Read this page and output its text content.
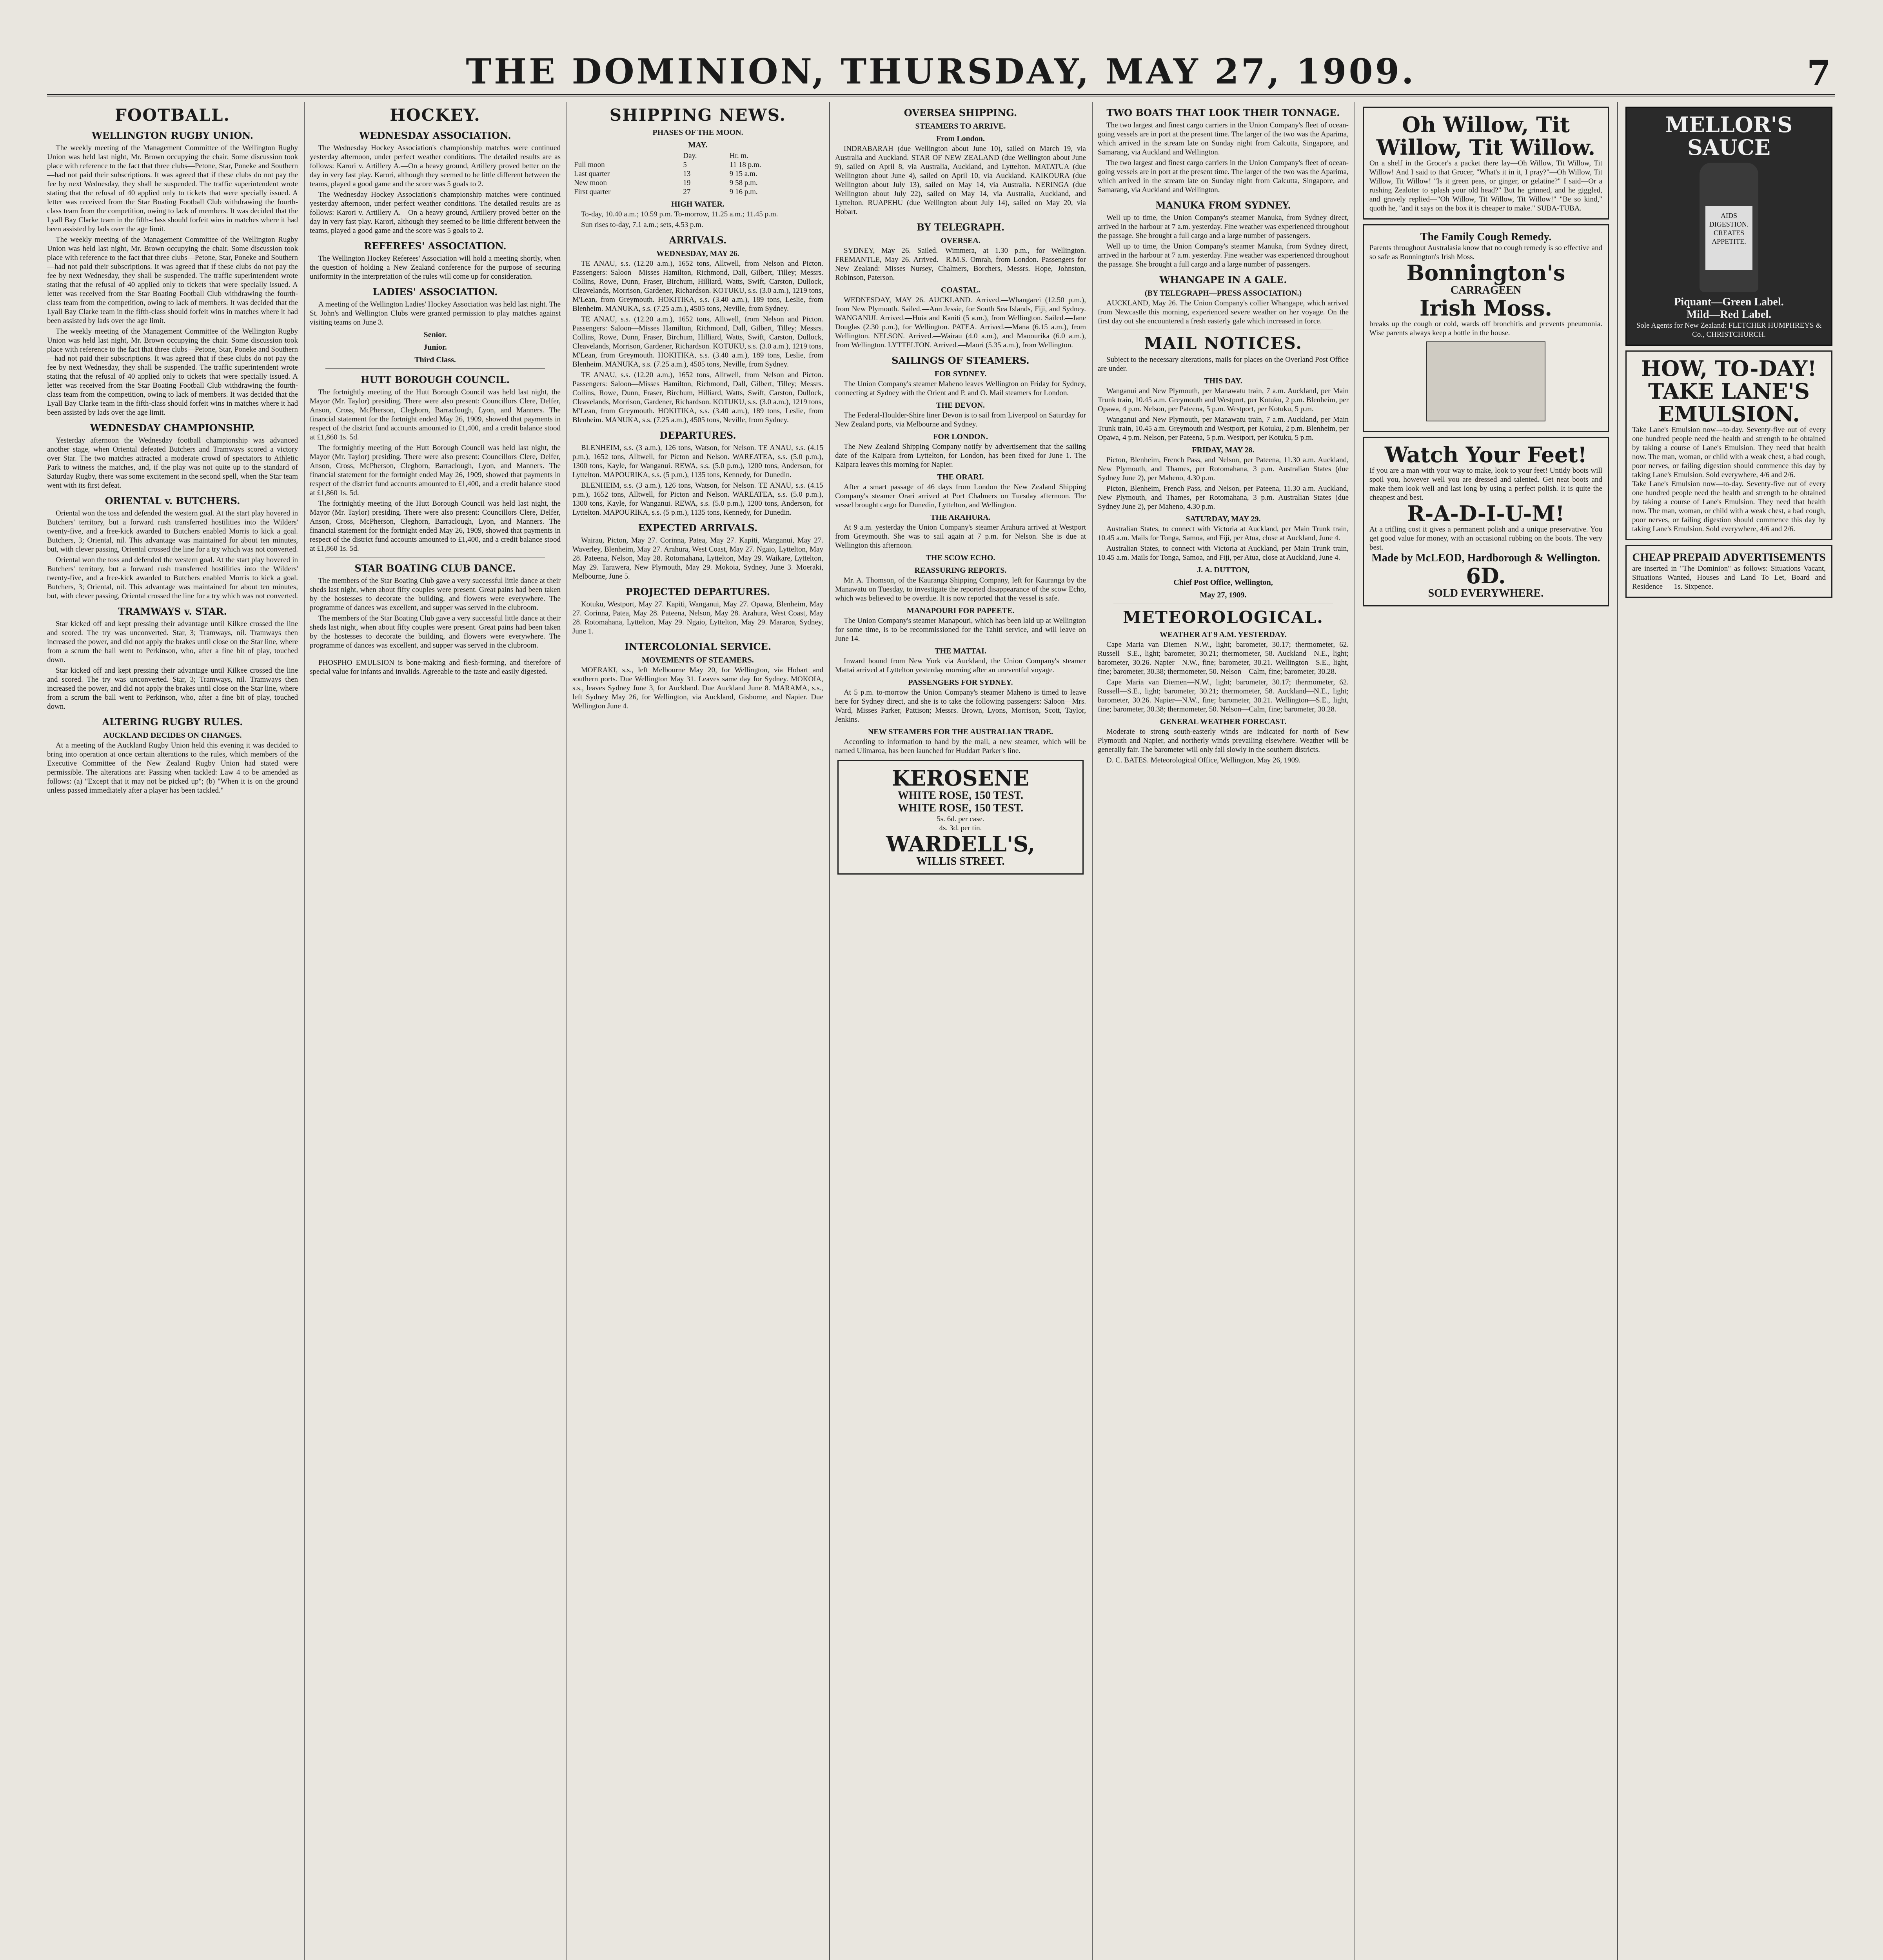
THE DOMINION, THURSDAY, MAY 27, 1909.	7
FOOTBALL.
WELLINGTON RUGBY UNION.

The weekly meeting of the Management Committee of the Wellington Rugby Union was held last night, Mr. Brown occupying the chair. Some discussion took place with reference to the fact that three clubs—Petone, Star, Poneke and Southern—had not paid their subscriptions. It was agreed that if these clubs do not pay the fee by next Wednesday, they shall be suspended. The traffic superintendent wrote stating that the refusal of 40 applied only to tickets that were specially issued. A letter was received from the Star Boating Football Club withdrawing the fourth-class team from the competition, owing to lack of members. It was decided that the Lyall Bay Clarke team in the fifth-class should forfeit wins in matches where it had been assisted by lads over the age limit.

The weekly meeting of the Management Committee of the Wellington Rugby Union was held last night, Mr. Brown occupying the chair. Some discussion took place with reference to the fact that three clubs—Petone, Star, Poneke and Southern—had not paid their subscriptions. It was agreed that if these clubs do not pay the fee by next Wednesday, they shall be suspended. The traffic superintendent wrote stating that the refusal of 40 applied only to tickets that were specially issued. A letter was received from the Star Boating Football Club withdrawing the fourth-class team from the competition, owing to lack of members. It was decided that the Lyall Bay Clarke team in the fifth-class should forfeit wins in matches where it had been assisted by lads over the age limit.

The weekly meeting of the Management Committee of the Wellington Rugby Union was held last night, Mr. Brown occupying the chair. Some discussion took place with reference to the fact that three clubs—Petone, Star, Poneke and Southern—had not paid their subscriptions. It was agreed that if these clubs do not pay the fee by next Wednesday, they shall be suspended. The traffic superintendent wrote stating that the refusal of 40 applied only to tickets that were specially issued. A letter was received from the Star Boating Football Club withdrawing the fourth-class team from the competition, owing to lack of members. It was decided that the Lyall Bay Clarke team in the fifth-class should forfeit wins in matches where it had been assisted by lads over the age limit.

WEDNESDAY CHAMPIONSHIP.

Yesterday afternoon the Wednesday football championship was advanced another stage, when Oriental defeated Butchers and Tramways scored a victory over Star. The two matches attracted a moderate crowd of spectators to Athletic Park to witness the matches, and, if the play was not quite up to the standard of Saturday Rugby, there was some excitement in the second spell, when the Star team went with its first defeat.

ORIENTAL v. BUTCHERS.

Oriental won the toss and defended the western goal. At the start play hovered in Butchers' territory, but a forward rush transferred hostilities into the Wilders' twenty-five, and a free-kick awarded to Butchers enabled Morris to kick a goal. Butchers, 3; Oriental, nil. This advantage was maintained for about ten minutes, but, with clever passing, Oriental crossed the line for a try which was not converted.

Oriental won the toss and defended the western goal. At the start play hovered in Butchers' territory, but a forward rush transferred hostilities into the Wilders' twenty-five, and a free-kick awarded to Butchers enabled Morris to kick a goal. Butchers, 3; Oriental, nil. This advantage was maintained for about ten minutes, but, with clever passing, Oriental crossed the line for a try which was not converted.

TRAMWAYS v. STAR.

Star kicked off and kept pressing their advantage until Kilkee crossed the line and scored. The try was unconverted. Star, 3; Tramways, nil. Tramways then increased the power, and did not apply the brakes until close on the Star line, where from a scrum the ball went to Perkinson, who, after a fine bit of play, touched down.

Star kicked off and kept pressing their advantage until Kilkee crossed the line and scored. The try was unconverted. Star, 3; Tramways, nil. Tramways then increased the power, and did not apply the brakes until close on the Star line, where from a scrum the ball went to Perkinson, who, after a fine bit of play, touched down.

ALTERING RUGBY RULES.
AUCKLAND DECIDES ON CHANGES.

At a meeting of the Auckland Rugby Union held this evening it was decided to bring into operation at once certain alterations to the rules, which members of the Executive Committee of the New Zealand Rugby Union had stated were permissible. The alterations are: Passing when tackled: Law 4 to be amended as follows: (a) "Except that it may not be picked up"; (b) "When it is on the ground unless passed immediately after a player has been tackled."

HOCKEY.
WEDNESDAY ASSOCIATION.

The Wednesday Hockey Association's championship matches were continued yesterday afternoon, under perfect weather conditions. The detailed results are as follows: Karori v. Artillery A.—On a heavy ground, Artillery proved better on the day in very fast play. Karori, although they seemed to be little different between the teams, played a good game and the score was 5 goals to 2.

The Wednesday Hockey Association's championship matches were continued yesterday afternoon, under perfect weather conditions. The detailed results are as follows: Karori v. Artillery A.—On a heavy ground, Artillery proved better on the day in very fast play. Karori, although they seemed to be little different between the teams, played a good game and the score was 5 goals to 2.

REFEREES' ASSOCIATION.

The Wellington Hockey Referees' Association will hold a meeting shortly, when the question of holding a New Zealand conference for the purpose of securing uniformity in the interpretation of the rules will come up for consideration.

LADIES' ASSOCIATION.

A meeting of the Wellington Ladies' Hockey Association was held last night. The St. John's and Wellington Clubs were granted permission to play matches against visiting teams on June 3.

Senior.
Junior.
Third Class.
HUTT BOROUGH COUNCIL.

The fortnightly meeting of the Hutt Borough Council was held last night, the Mayor (Mr. Taylor) presiding. There were also present: Councillors Clere, Delfer, Anson, Cross, McPherson, Cleghorn, Barraclough, Lyon, and Manners. The financial statement for the fortnight ended May 26, 1909, showed that payments in respect of the district fund accounts amounted to £1,400, and a credit balance stood at £1,860 1s. 5d.

The fortnightly meeting of the Hutt Borough Council was held last night, the Mayor (Mr. Taylor) presiding. There were also present: Councillors Clere, Delfer, Anson, Cross, McPherson, Cleghorn, Barraclough, Lyon, and Manners. The financial statement for the fortnight ended May 26, 1909, showed that payments in respect of the district fund accounts amounted to £1,400, and a credit balance stood at £1,860 1s. 5d.

The fortnightly meeting of the Hutt Borough Council was held last night, the Mayor (Mr. Taylor) presiding. There were also present: Councillors Clere, Delfer, Anson, Cross, McPherson, Cleghorn, Barraclough, Lyon, and Manners. The financial statement for the fortnight ended May 26, 1909, showed that payments in respect of the district fund accounts amounted to £1,400, and a credit balance stood at £1,860 1s. 5d.

STAR BOATING CLUB DANCE.

The members of the Star Boating Club gave a very successful little dance at their sheds last night, when about fifty couples were present. Great pains had been taken by the hostesses to decorate the building, and flowers were everywhere. The programme of dances was excellent, and supper was served in the clubroom.

The members of the Star Boating Club gave a very successful little dance at their sheds last night, when about fifty couples were present. Great pains had been taken by the hostesses to decorate the building, and flowers were everywhere. The programme of dances was excellent, and supper was served in the clubroom.

PHOSPHO EMULSION is bone-making and flesh-forming, and therefore of special value for infants and invalids. Agreeable to the taste and easily digested.

SHIPPING NEWS.
PHASES OF THE MOON.
MAY.
	Day.	Hr. m.
Full moon	5	11 18 p.m.
Last quarter	13	9 15 a.m.
New moon	19	9 58 p.m.
First quarter	27	9 16 p.m.
HIGH WATER.

To-day, 10.40 a.m.; 10.59 p.m. To-morrow, 11.25 a.m.; 11.45 p.m.

Sun rises to-day, 7.1 a.m.; sets, 4.53 p.m.

ARRIVALS.
WEDNESDAY, MAY 26.

TE ANAU, s.s. (12.20 a.m.), 1652 tons, Alltwell, from Nelson and Picton. Passengers: Saloon—Misses Hamilton, Richmond, Dall, Gilbert, Tilley; Messrs. Collins, Rowe, Dunn, Fraser, Birchum, Hilliard, Watts, Swift, Carston, Dullock, Cleavelands, Morrison, Gardener, Richardson. KOTUKU, s.s. (3.0 a.m.), 1219 tons, M'Lean, from Greymouth. HOKITIKA, s.s. (3.40 a.m.), 189 tons, Leslie, from Blenheim. MANUKA, s.s. (7.25 a.m.), 4505 tons, Neville, from Sydney.

TE ANAU, s.s. (12.20 a.m.), 1652 tons, Alltwell, from Nelson and Picton. Passengers: Saloon—Misses Hamilton, Richmond, Dall, Gilbert, Tilley; Messrs. Collins, Rowe, Dunn, Fraser, Birchum, Hilliard, Watts, Swift, Carston, Dullock, Cleavelands, Morrison, Gardener, Richardson. KOTUKU, s.s. (3.0 a.m.), 1219 tons, M'Lean, from Greymouth. HOKITIKA, s.s. (3.40 a.m.), 189 tons, Leslie, from Blenheim. MANUKA, s.s. (7.25 a.m.), 4505 tons, Neville, from Sydney.

TE ANAU, s.s. (12.20 a.m.), 1652 tons, Alltwell, from Nelson and Picton. Passengers: Saloon—Misses Hamilton, Richmond, Dall, Gilbert, Tilley; Messrs. Collins, Rowe, Dunn, Fraser, Birchum, Hilliard, Watts, Swift, Carston, Dullock, Cleavelands, Morrison, Gardener, Richardson. KOTUKU, s.s. (3.0 a.m.), 1219 tons, M'Lean, from Greymouth. HOKITIKA, s.s. (3.40 a.m.), 189 tons, Leslie, from Blenheim. MANUKA, s.s. (7.25 a.m.), 4505 tons, Neville, from Sydney.

DEPARTURES.

BLENHEIM, s.s. (3 a.m.), 126 tons, Watson, for Nelson. TE ANAU, s.s. (4.15 p.m.), 1652 tons, Alltwell, for Picton and Nelson. WAREATEA, s.s. (5.0 p.m.), 1300 tons, Kayle, for Wanganui. REWA, s.s. (5.0 p.m.), 1200 tons, Anderson, for Lyttelton. MAPOURIKA, s.s. (5 p.m.), 1135 tons, Kennedy, for Dunedin.

BLENHEIM, s.s. (3 a.m.), 126 tons, Watson, for Nelson. TE ANAU, s.s. (4.15 p.m.), 1652 tons, Alltwell, for Picton and Nelson. WAREATEA, s.s. (5.0 p.m.), 1300 tons, Kayle, for Wanganui. REWA, s.s. (5.0 p.m.), 1200 tons, Anderson, for Lyttelton. MAPOURIKA, s.s. (5 p.m.), 1135 tons, Kennedy, for Dunedin.

EXPECTED ARRIVALS.

Wairau, Picton, May 27. Corinna, Patea, May 27. Kapiti, Wanganui, May 27. Waverley, Blenheim, May 27. Arahura, West Coast, May 27. Ngaio, Lyttelton, May 28. Pateena, Nelson, May 28. Rotomahana, Lyttelton, May 29. Waikare, Lyttelton, May 29. Tarawera, New Plymouth, May 29. Mokoia, Sydney, June 3. Moeraki, Melbourne, June 5.

PROJECTED DEPARTURES.

Kotuku, Westport, May 27. Kapiti, Wanganui, May 27. Opawa, Blenheim, May 27. Corinna, Patea, May 28. Pateena, Nelson, May 28. Arahura, West Coast, May 28. Rotomahana, Lyttelton, May 29. Ngaio, Lyttelton, May 29. Mararoa, Sydney, June 1.

INTERCOLONIAL SERVICE.
MOVEMENTS OF STEAMERS.

MOERAKI, s.s., left Melbourne May 20, for Wellington, via Hobart and southern ports. Due Wellington May 31. Leaves same day for Sydney. MOKOIA, s.s., leaves Sydney June 3, for Auckland. Due Auckland June 8. MARAMA, s.s., left Sydney May 26, for Wellington, via Auckland, Gisborne, and Napier. Due Wellington June 4.

OVERSEA SHIPPING.
STEAMERS TO ARRIVE.
From London.

INDRABARAH (due Wellington about June 10), sailed on March 19, via Australia and Auckland. STAR OF NEW ZEALAND (due Wellington about June 9), sailed on April 8, via Australia, Auckland, and Lyttelton. MATATUA (due Wellington about June 4), sailed on April 10, via Auckland. KAIKOURA (due Wellington about July 13), sailed on May 14, via Australia. NERINGA (due Wellington about July 22), sailed on May 14, via Australia, Auckland, and Lyttelton. RUAPEHU (due Wellington about July 14), sailed on May 20, via Hobart.

BY TELEGRAPH.
OVERSEA.

SYDNEY, May 26. Sailed.—Wimmera, at 1.30 p.m., for Wellington. FREMANTLE, May 26. Arrived.—R.M.S. Omrah, from London. Passengers for New Zealand: Misses Nursey, Chalmers, Borchers, Messrs. Hope, Johnston, Robinson, Paterson.

COASTAL.

WEDNESDAY, MAY 26. AUCKLAND. Arrived.—Whangarei (12.50 p.m.), from New Plymouth. Sailed.—Ann Jessie, for South Sea Islands, Fiji, and Sydney. WANGANUI. Arrived.—Huia and Kaniti (5 a.m.), from Wellington. Sailed.—Jane Douglas (2.30 p.m.), for Wellington. PATEA. Arrived.—Mana (6.15 a.m.), from Wellington. NELSON. Arrived.—Wairau (4.0 a.m.), and Maoourika (6.0 a.m.), from Wellington. LYTTELTON. Arrived.—Maori (5.35 a.m.), from Wellington.

SAILINGS OF STEAMERS.
FOR SYDNEY.

The Union Company's steamer Maheno leaves Wellington on Friday for Sydney, connecting at Sydney with the Orient and P. and O. Mail steamers for London.

THE DEVON.

The Federal-Houlder-Shire liner Devon is to sail from Liverpool on Saturday for New Zealand ports, via Melbourne and Sydney.

FOR LONDON.

The New Zealand Shipping Company notify by advertisement that the sailing date of the Kaipara from Lyttelton, for London, has been fixed for June 1. The Kaipara leaves this morning for Napier.

THE ORARI.

After a smart passage of 46 days from London the New Zealand Shipping Company's steamer Orari arrived at Port Chalmers on Tuesday afternoon. The vessel brought cargo for Dunedin, Lyttelton, and Wellington.

THE ARAHURA.

At 9 a.m. yesterday the Union Company's steamer Arahura arrived at Westport from Greymouth. She was to sail again at 7 p.m. for Nelson. She is due at Wellington this afternoon.

THE SCOW ECHO.
REASSURING REPORTS.

Mr. A. Thomson, of the Kauranga Shipping Company, left for Kauranga by the Manawatu on Tuesday, to investigate the reported disappearance of the scow Echo, which was believed to be overdue. It is now reported that the vessel is safe.

MANAPOURI FOR PAPEETE.

The Union Company's steamer Manapouri, which has been laid up at Wellington for some time, is to be recommissioned for the Tahiti service, and will leave on June 14.

THE MATTAI.

Inward bound from New York via Auckland, the Union Company's steamer Mattai arrived at Lyttelton yesterday morning after an uneventful voyage.

PASSENGERS FOR SYDNEY.

At 5 p.m. to-morrow the Union Company's steamer Maheno is timed to leave here for Sydney direct, and she is to take the following passengers: Saloon—Mrs. Ward, Misses Parker, Pattison; Messrs. Brown, Lyons, Morrison, Scott, Taylor, Jenkins.

NEW STEAMERS FOR THE AUSTRALIAN TRADE.

According to information to hand by the mail, a new steamer, which will be named Ulimaroa, has been launched for Huddart Parker's line.

KEROSENE
WHITE ROSE, 150 TEST.
WHITE ROSE, 150 TEST.
5s. 6d. per case.
4s. 3d. per tin.
WARDELL'S,
WILLIS STREET.
TWO BOATS THAT LOOK THEIR TONNAGE.

The two largest and finest cargo carriers in the Union Company's fleet of ocean-going vessels are in port at the present time. The larger of the two was the Aparima, which arrived in the stream late on Sunday night from Calcutta, Singapore, and Samarang, via Auckland and Wellington.

The two largest and finest cargo carriers in the Union Company's fleet of ocean-going vessels are in port at the present time. The larger of the two was the Aparima, which arrived in the stream late on Sunday night from Calcutta, Singapore, and Samarang, via Auckland and Wellington.

MANUKA FROM SYDNEY.

Well up to time, the Union Company's steamer Manuka, from Sydney direct, arrived in the harbour at 7 a.m. yesterday. Fine weather was experienced throughout the passage. She brought a full cargo and a large number of passengers.

Well up to time, the Union Company's steamer Manuka, from Sydney direct, arrived in the harbour at 7 a.m. yesterday. Fine weather was experienced throughout the passage. She brought a full cargo and a large number of passengers.

WHANGAPE IN A GALE.
(BY TELEGRAPH—PRESS ASSOCIATION.)

AUCKLAND, May 26. The Union Company's collier Whangape, which arrived from Newcastle this morning, experienced severe weather on her voyage. On the first day out she encountered a fresh easterly gale which increased in force.

MAIL NOTICES.

Subject to the necessary alterations, mails for places on the Overland Post Office are under.

THIS DAY.

Wanganui and New Plymouth, per Manawatu train, 7 a.m. Auckland, per Main Trunk train, 10.45 a.m. Greymouth and Westport, per Kotuku, 2 p.m. Blenheim, per Opawa, 4 p.m. Nelson, per Pateena, 5 p.m. Westport, per Kotuku, 5 p.m.

Wanganui and New Plymouth, per Manawatu train, 7 a.m. Auckland, per Main Trunk train, 10.45 a.m. Greymouth and Westport, per Kotuku, 2 p.m. Blenheim, per Opawa, 4 p.m. Nelson, per Pateena, 5 p.m. Westport, per Kotuku, 5 p.m.

FRIDAY, MAY 28.

Picton, Blenheim, French Pass, and Nelson, per Pateena, 11.30 a.m. Auckland, New Plymouth, and Thames, per Rotomahana, 3 p.m. Australian States (due Sydney June 2), per Maheno, 4.30 p.m.

Picton, Blenheim, French Pass, and Nelson, per Pateena, 11.30 a.m. Auckland, New Plymouth, and Thames, per Rotomahana, 3 p.m. Australian States (due Sydney June 2), per Maheno, 4.30 p.m.

SATURDAY, MAY 29.

Australian States, to connect with Victoria at Auckland, per Main Trunk train, 10.45 a.m. Mails for Tonga, Samoa, and Fiji, per Atua, close at Auckland, June 4.

Australian States, to connect with Victoria at Auckland, per Main Trunk train, 10.45 a.m. Mails for Tonga, Samoa, and Fiji, per Atua, close at Auckland, June 4.

J. A. DUTTON,
Chief Post Office, Wellington,
May 27, 1909.
METEOROLOGICAL.
WEATHER AT 9 A.M. YESTERDAY.

Cape Maria van Diemen—N.W., light; barometer, 30.17; thermometer, 62. Russell—S.E., light; barometer, 30.21; thermometer, 58. Auckland—N.E., light; barometer, 30.26. Napier—N.W., fine; barometer, 30.21. Wellington—S.E., light, fine; barometer, 30.38; thermometer, 50. Nelson—Calm, fine; barometer, 30.28.

Cape Maria van Diemen—N.W., light; barometer, 30.17; thermometer, 62. Russell—S.E., light; barometer, 30.21; thermometer, 58. Auckland—N.E., light; barometer, 30.26. Napier—N.W., fine; barometer, 30.21. Wellington—S.E., light, fine; barometer, 30.38; thermometer, 50. Nelson—Calm, fine; barometer, 30.28.

GENERAL WEATHER FORECAST.

Moderate to strong south-easterly winds are indicated for north of New Plymouth and Napier, and northerly winds prevailing elsewhere. Weather will be generally fair. The barometer will only fall slowly in the southern districts.

D. C. BATES. Meteorological Office, Wellington, May 26, 1909.

Oh Willow, Tit Willow, Tit Willow.
On a shelf in the Grocer's a packet there lay—Oh Willow, Tit Willow, Tit Willow! And I said to that Grocer, "What's it in it, I pray?"—Oh Willow, Tit Willow, Tit Willow! "Is it green peas, or ginger, or gelatine?" I said—Or a rushing Zealoter to splash your old head?" But he grinned, and he giggled, and gravely replied—"Oh Willow, Tit Willow, Tit Willow!" "Be so kind," quoth he, "and it says on the box it is cheaper to make." SUBA-TUBA.
The Family Cough Remedy.
Parents throughout Australasia know that no cough remedy is so effective and so safe as Bonnington's Irish Moss.
Bonnington's
CARRAGEEN
Irish Moss.
breaks up the cough or cold, wards off bronchitis and prevents pneumonia. Wise parents always keep a bottle in the house.
Watch Your Feet!
If you are a man with your way to make, look to your feet! Untidy boots will spoil you, however well you are dressed and talented. Get neat boots and make them look well and last long by using a perfect polish. It is quite the cheapest and best.
R-A-D-I-U-M!
At a trifling cost it gives a permanent polish and a unique preservative. You get good value for money, with an occasional rubbing on the boots. The very best.
Made by McLEOD, Hardborough & Wellington.
6D.
SOLD EVERYWHERE.
MELLOR'S SAUCE
AIDS DIGESTION.
CREATES APPETITE.
Piquant—Green Label.
Mild—Red Label.
Sole Agents for New Zealand: FLETCHER HUMPHREYS & Co., CHRISTCHURCH.
HOW, TO-DAY! TAKE LANE'S EMULSION.
Take Lane's Emulsion now—to-day. Seventy-five out of every one hundred people need the health and strength to be obtained by taking a course of Lane's Emulsion. They need that health now. The man, woman, or child with a weak chest, a bad cough, poor nerves, or failing digestion should commence this day by taking Lane's Emulsion. Sold everywhere, 4/6 and 2/6.
Take Lane's Emulsion now—to-day. Seventy-five out of every one hundred people need the health and strength to be obtained by taking a course of Lane's Emulsion. They need that health now. The man, woman, or child with a weak chest, a bad cough, poor nerves, or failing digestion should commence this day by taking Lane's Emulsion. Sold everywhere, 4/6 and 2/6.
CHEAP PREPAID ADVERTISEMENTS
are inserted in "The Dominion" as follows: Situations Vacant, Situations Wanted, Houses and Land To Let, Board and Residence — 1s. Sixpence.
